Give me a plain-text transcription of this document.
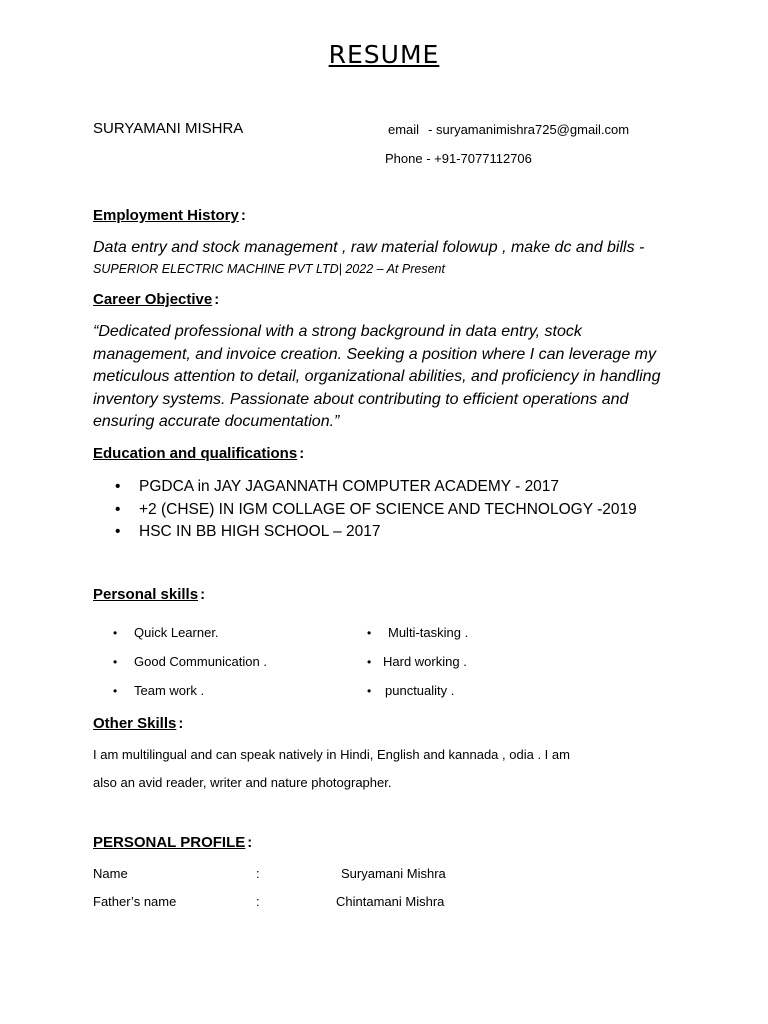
RESUME
SURYAMANI MISHRA	email - suryamanimishra725@gmail.com
Phone - +91-7077112706
Employment History :
Data entry and stock management , raw material folowup , make dc and bills -
SUPERIOR ELECTRIC MACHINE PVT LTD| 2022 – At Present
Career Objective :
“Dedicated professional with a strong background in data entry, stock management, and invoice creation. Seeking a position where I can leverage my meticulous attention to detail, organizational abilities, and proficiency in handling inventory systems. Passionate about contributing to efficient operations and ensuring accurate documentation.”
Education and qualifications :
• PGDCA in JAY JAGANNATH COMPUTER ACADEMY - 2017
• +2 (CHSE) IN IGM COLLAGE OF SCIENCE AND TECHNOLOGY -2019
• HSC IN BB HIGH SCHOOL – 2017
Personal skills :
• Quick Learner.
• Good Communication .
• Team work .
• Multi-tasking .
• Hard working .
• punctuality .
Other Skills :
I am multilingual and can speak natively in Hindi, English and kannada , odia . I am
also an avid reader, writer and nature photographer.
PERSONAL PROFILE :
Name	:	Suryamani Mishra
Father’s name	:	Chintamani Mishra
